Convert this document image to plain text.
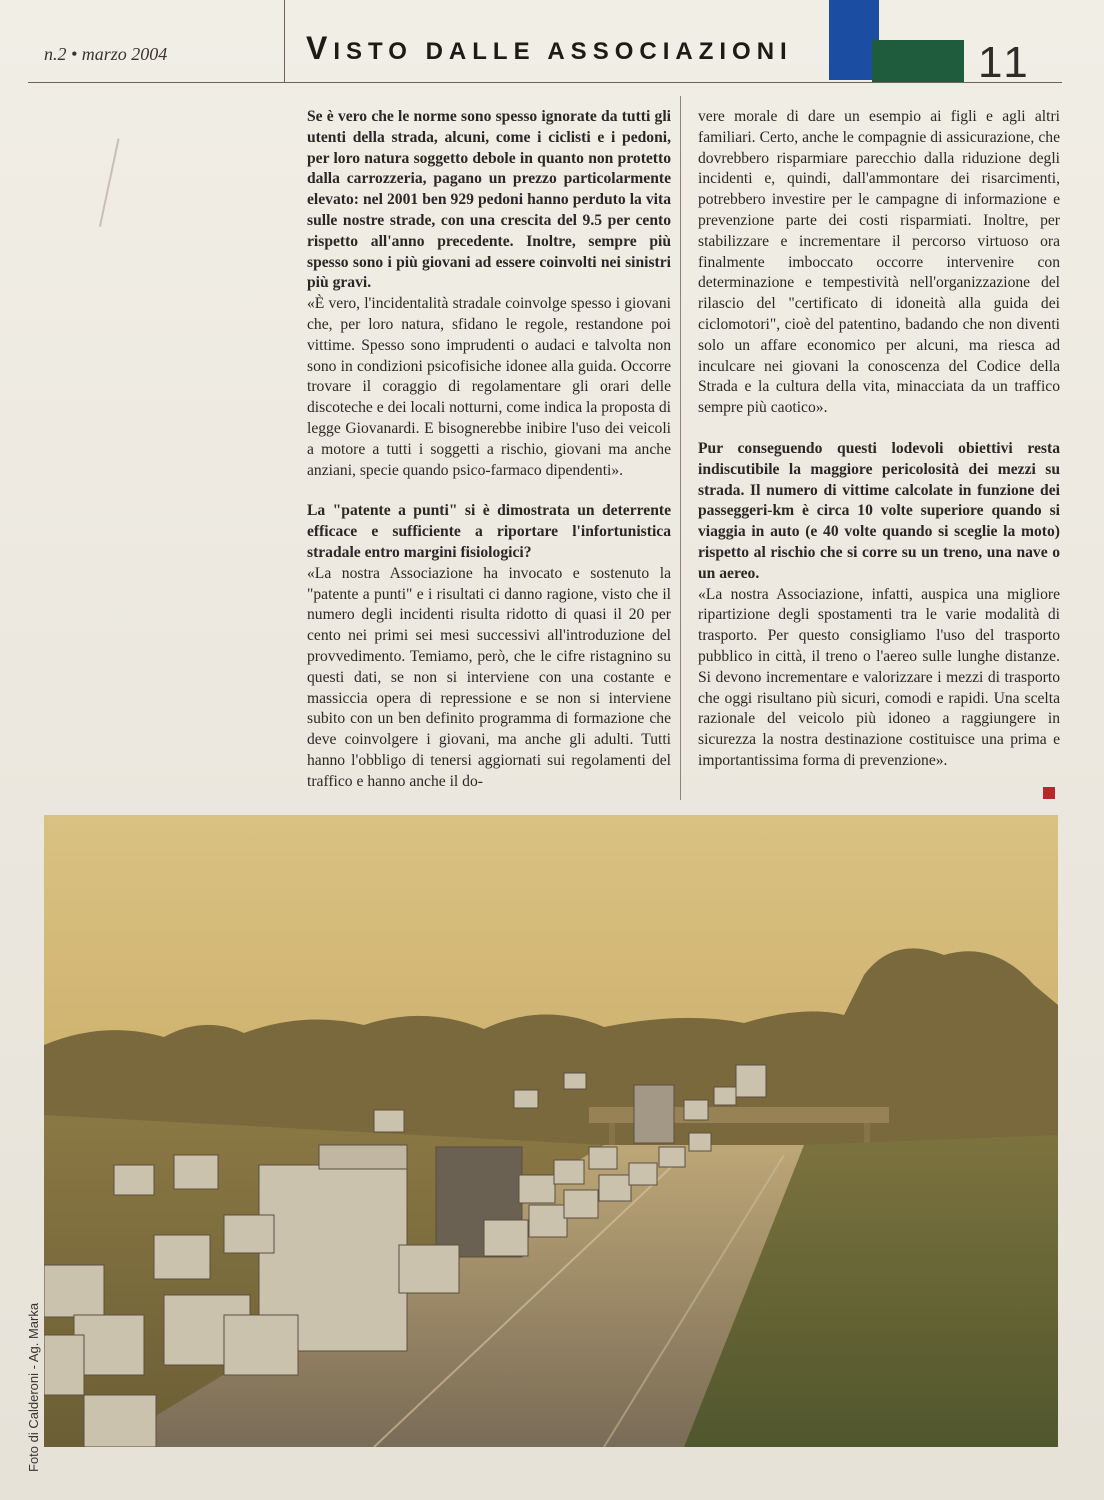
n.2 • marzo 2004	VISTO DALLE ASSOCIAZIONI	11

Se è vero che le norme sono spesso ignorate da tutti gli utenti della strada, alcuni, come i ciclisti e i pedoni, per loro natura soggetto debole in quanto non protetto dalla carrozzeria, pagano un prezzo particolarmente elevato: nel 2001 ben 929 pedoni hanno perduto la vita sulle nostre strade, con una crescita del 9.5 per cento rispetto all'anno precedente. Inoltre, sempre più spesso sono i più giovani ad essere coinvolti nei sinistri più gravi.

«È vero, l'incidentalità stradale coinvolge spesso i giovani che, per loro natura, sfidano le regole, restandone poi vittime. Spesso sono imprudenti o audaci e talvolta non sono in condizioni psicofisiche idonee alla guida. Occorre trovare il coraggio di regolamentare gli orari delle discoteche e dei locali notturni, come indica la proposta di legge Giovanardi. E bisognerebbe inibire l'uso dei veicoli a motore a tutti i soggetti a rischio, giovani ma anche anziani, specie quando psico-farmaco dipendenti».

La "patente a punti" si è dimostrata un deterrente efficace e sufficiente a riportare l'infortunistica stradale entro margini fisiologici?

«La nostra Associazione ha invocato e sostenuto la "patente a punti" e i risultati ci danno ragione, visto che il numero degli incidenti risulta ridotto di quasi il 20 per cento nei primi sei mesi successivi all'introduzione del provvedimento. Temiamo, però, che le cifre ristagnino su questi dati, se non si interviene con una costante e massiccia opera di repressione e se non si interviene subito con un ben definito programma di formazione che deve coinvolgere i giovani, ma anche gli adulti. Tutti hanno l'obbligo di tenersi aggiornati sui regolamenti del traffico e hanno anche il do-

vere morale di dare un esempio ai figli e agli altri familiari. Certo, anche le compagnie di assicurazione, che dovrebbero risparmiare parecchio dalla riduzione degli incidenti e, quindi, dall'ammontare dei risarcimenti, potrebbero investire per le campagne di informazione e prevenzione parte dei costi risparmiati. Inoltre, per stabilizzare e incrementare il percorso virtuoso ora finalmente imboccato occorre intervenire con determinazione e tempestività nell'organizzazione del rilascio del "certificato di idoneità alla guida dei ciclomotori", cioè del patentino, badando che non diventi solo un affare economico per alcuni, ma riesca ad inculcare nei giovani la conoscenza del Codice della Strada e la cultura della vita, minacciata da un traffico sempre più caotico».

Pur conseguendo questi lodevoli obiettivi resta indiscutibile la maggiore pericolosità dei mezzi su strada. Il numero di vittime calcolate in funzione dei passeggeri-km è circa 10 volte superiore quando si viaggia in auto (e 40 volte quando si sceglie la moto) rispetto al rischio che si corre su un treno, una nave o un aereo.

«La nostra Associazione, infatti, auspica una migliore ripartizione degli spostamenti tra le varie modalità di trasporto. Per questo consigliamo l'uso del trasporto pubblico in città, il treno o l'aereo sulle lunghe distanze. Si devono incrementare e valorizzare i mezzi di trasporto che oggi risultano più sicuri, comodi e rapidi. Una scelta razionale del veicolo più idoneo a raggiungere in sicurezza la nostra destinazione costituisce una prima e importantissima forma di prevenzione».

Foto di Calderoni - Ag. Marka
